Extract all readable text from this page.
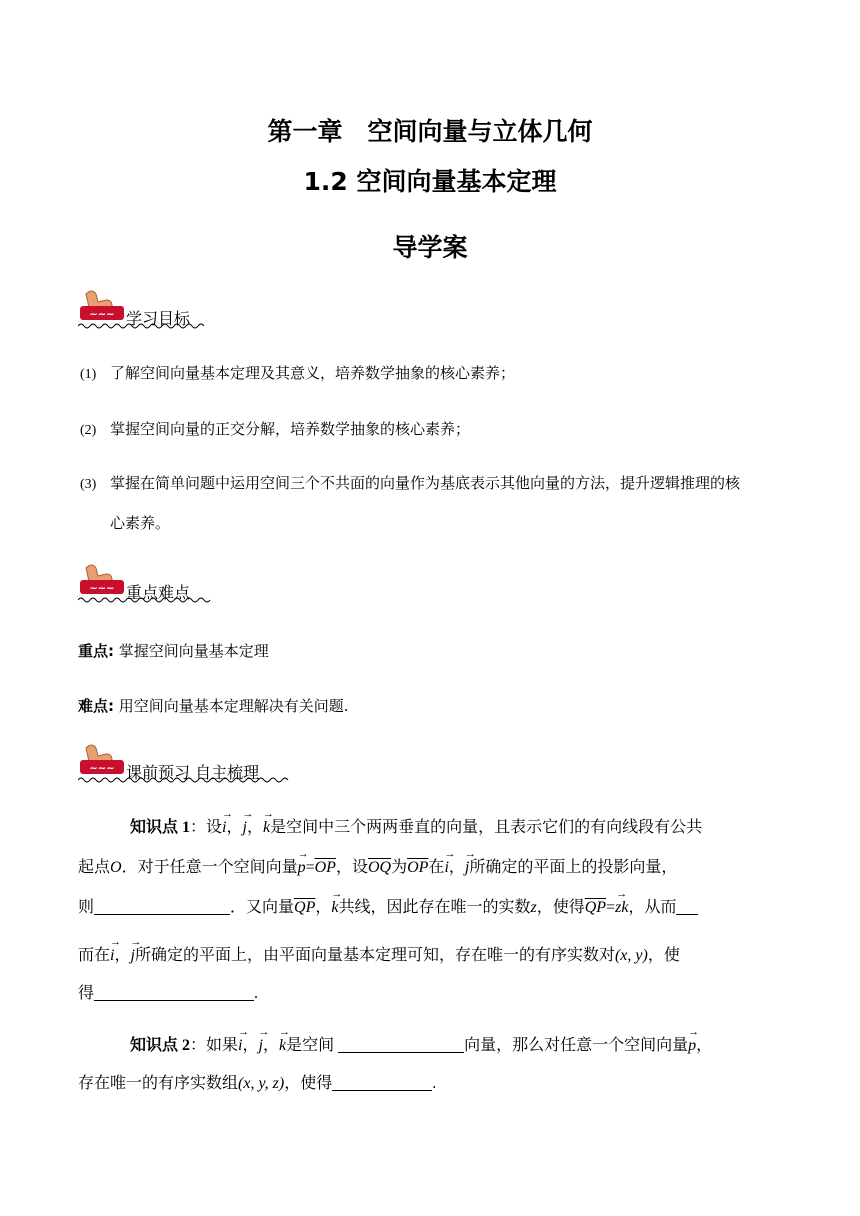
第一章　空间向量与立体几何
1.2 空间向量基本定理
导学案
~~~ 学习目标
(1) 了解空间向量基本定理及其意义，培养数学抽象的核心素养；
(2) 掌握空间向量的正交分解，培养数学抽象的核心素养；
(3) 掌握在简单问题中运用空间三个不共面的向量作为基底表示其他向量的方法，提升逻辑推理的核
心素养。
~~~ 重点难点
重点: 掌握空间向量基本定理
难点: 用空间向量基本定理解决有关问题.
~~~ 课前预习 自主梳理
知识点 1：设→ i，→ j，→ k是空间中三个两两垂直的向量，且表示它们的有向线段有公共
起点O．对于任意一个空间向量→ $p=\overline{OP}$，设$\overline{OQ}$为$\overline{OP}$在→ i，→ j所确定的平面上的投影向量，
则	．又向量$\overline{QP}$，→ k共线，因此存在唯一的实数z，使得$\overline{QP}=\to$ zk，从而
而在→ i，→ j所确定的平面上，由平面向量基本定理可知，存在唯一的有序实数对(x, y)，使
得	.
知识点 2：如果→ i，→ j，→ k是空间	向量，那么对任意一个空间向量→ p，
存在唯一的有序实数组(x, y, z)，使得	.
